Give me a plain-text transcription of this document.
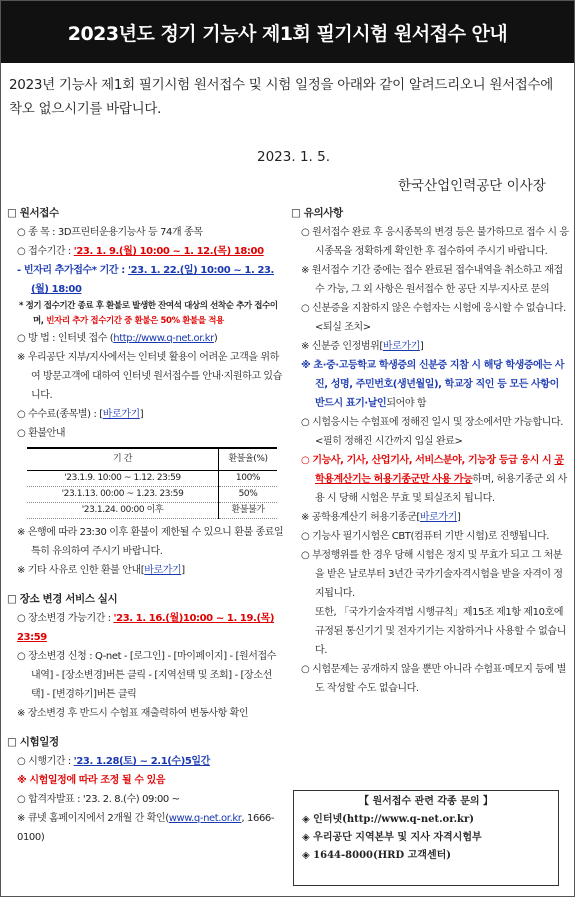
2023년도 정기 기능사 제1회 필기시험 원서접수 안내
2023년 기능사 제1회 필기시험 원서접수 및 시험 일정을 아래와 같이 알려드리오니 원서접수에 착오 없으시기를 바랍니다.
2023. 1. 5.
한국산업인력공단 이사장
□ 원서접수
○ 종 목 : 3D프린터운용기능사 등 74개 종목
○ 접수기간 : '23. 1. 9.(월) 10:00 ~ 1. 12.(목) 18:00
- 빈자리 추가접수* 기간 : '23. 1. 22.(일) 10:00 ~ 1. 23.(월) 18:00
* 정기 접수기간 종료 후 환불로 발생한 잔여석 대상의 선착순 추가 접수이며, 빈자리 추가 접수기간 중 환불은 50% 환불을 적용
○ 방 법 : 인터넷 접수 (http://www.q-net.or.kr)
※ 우리공단 지부/지사에서는 인터넷 활용이 어려운 고객을 위하여 방문고객에 대하여 인터넷 원서접수를 안내·지원하고 있습니다.
○ 수수료(종목별) : [바로가기]
○ 환불안내
기 간	환불율(%)
'23.1.9. 10:00 ~ 1.12. 23:59	100%
'23.1.13. 00:00 ~ 1.23. 23:59	50%
'23.1.24. 00:00 이후	환불불가
※ 은행에 따라 23:30 이후 환불이 제한될 수 있으니 환불 종료일 특히 유의하여 주시기 바랍니다.
※ 기타 사유로 인한 환불 안내[바로가기]
□ 장소 변경 서비스 실시
○ 장소변경 가능기간 : '23. 1. 16.(월)10:00 ~ 1. 19.(목) 23:59
○ 장소변경 신청 : Q-net - [로그인] - [마이페이지] - [원서접수내역] - [장소변경]버튼 클릭 - [지역선택 및 조회] - [장소선택] - [변경하기]버튼 클릭
※ 장소변경 후 반드시 수험표 재출력하여 변동사항 확인
□ 시험일정
○ 시행기간 : '23. 1.28(토) ~ 2.1(수)5일간
※ 시험일정에 따라 조정 될 수 있음
○ 합격자발표 : '23. 2. 8.(수) 09:00 ~
※ 큐넷 홈페이지에서 2개월 간 확인(www.q-net.or.kr, 1666-0100)
□ 유의사항
○ 원서접수 완료 후 응시종목의 변경 등은 불가하므로 접수 시 응시종목을 정확하게 확인한 후 접수하여 주시기 바랍니다.
※ 원서접수 기간 중에는 접수 완료된 접수내역을 취소하고 재접수 가능, 그 외 사항은 원서접수 한 공단 지부·지사로 문의
○ 신분증을 지참하지 않은 수험자는 시험에 응시할 수 없습니다. <퇴실 조치>
※ 신분증 인정범위[바로가기]
※ 초·중·고등학교 학생증의 신분증 지참 시 해당 학생증에는 사진, 성명, 주민번호(생년월일), 학교장 직인 등 모든 사항이 반드시 표기·날인되어야 함
○ 시험응시는 수험표에 정해진 일시 및 장소에서만 가능합니다. <필히 정해진 시간까지 입실 완료>
○ 기능사, 기사, 산업기사, 서비스분야, 기능장 등급 응시 시 공학용계산기는 허용기종군만 사용 가능하며, 허용기종군 외 사용 시 당해 시험은 무효 및 퇴실조치 됩니다.
※ 공학용계산기 허용기종군[바로가기]
○ 기능사 필기시험은 CBT(컴퓨터 기반 시험)로 진행됩니다.
○ 부정행위를 한 경우 당해 시험은 정지 및 무효가 되고 그 처분을 받은 날로부터 3년간 국가기술자격시험을 받을 자격이 정지됩니다.
또한, 「국가기술자격법 시행규칙」제15조 제1항 제10호에 규정된 통신기기 및 전자기기는 지참하거나 사용할 수 없습니다.
○ 시험문제는 공개하지 않을 뿐만 아니라 수험표·메모지 등에 별도 작성할 수도 없습니다.
【 원서접수 관련 각종 문의 】
◈ 인터넷(http://www.q-net.or.kr)
◈ 우리공단 지역본부 및 지사 자격시험부
◈ 1644-8000(HRD 고객센터)
